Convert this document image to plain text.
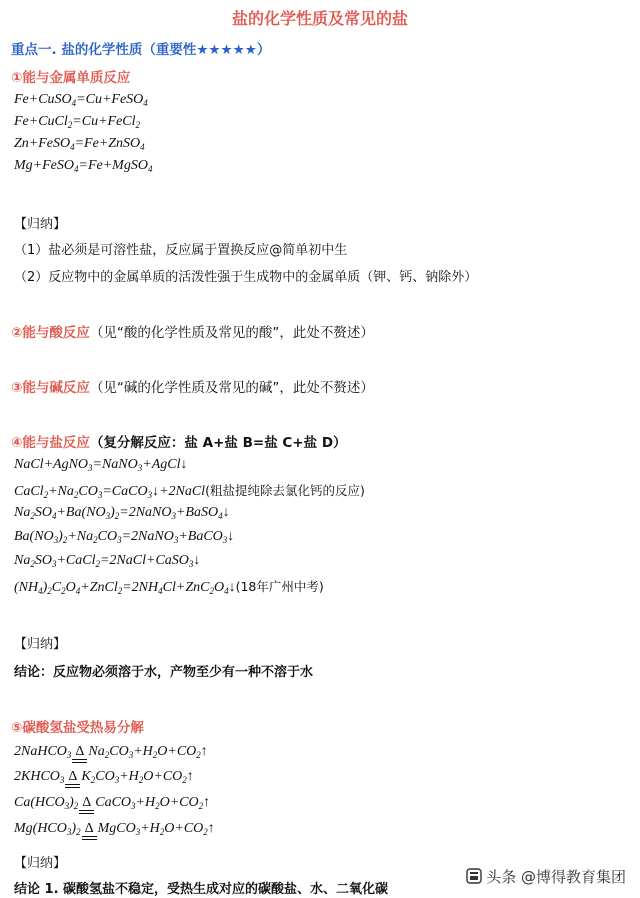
盐的化学性质及常见的盐
重点一. 盐的化学性质（重要性★★★★★）
①能与金属单质反应
Fe+CuSO$_4$=Cu+FeSO$_4$
Fe+CuCl$_2$=Cu+FeCl$_2$
Zn+FeSO$_4$=Fe+ZnSO$_4$
Mg+FeSO$_4$=Fe+MgSO$_4$
【归纳】
（1）盐必须是可溶性盐，反应属于置换反应@简单初中生
（2）反应物中的金属单质的活泼性强于生成物中的金属单质（钾、钙、钠除外）
②能与酸反应（见“酸的化学性质及常见的酸”，此处不赘述）
③能与碱反应（见“碱的化学性质及常见的碱”，此处不赘述）
④能与盐反应（复分解反应：盐 A+盐 B=盐 C+盐 D）
NaCl+AgNO$_3$=NaNO$_3$+AgCl↓
$CaCl_2+Na_2CO_3=CaCO_3↓+2NaCl$(粗盐提纯除去氯化钙的反应)
$Na_2SO_4+Ba(NO_3)_2=2NaNO_3+BaSO_4↓$
$Ba(NO_3)_2+Na_2CO_3=2NaNO_3+BaCO_3↓$
$Na_2SO_3+CaCl_2=2NaCl+CaSO_3↓$
$(NH_4)_2C_2O_4+ZnCl_2=2NH_4Cl+ZnC_2O_4↓(18$年广州中考)
【归纳】
结论：反应物必须溶于水，产物至少有一种不溶于水
⑤碳酸氢盐受热易分解
2NaHCO$_3$ Δ $Na_2CO_3+H_2O+CO_2↑$
$2KHCO_3$ Δ $K_2CO_3+H_2O+CO_2↑$
$Ca(HCO_3)_2$ Δ $CaCO_3+H_2O+CO_2↑$
$Mg(HCO_3)_2$ Δ $MgCO_3+H_2O+CO_2↑$
【归纳】
结论 1. 碳酸氢盐不稳定，受热生成对应的碳酸盐、水、二氧化碳
头条 @博得教育集团
